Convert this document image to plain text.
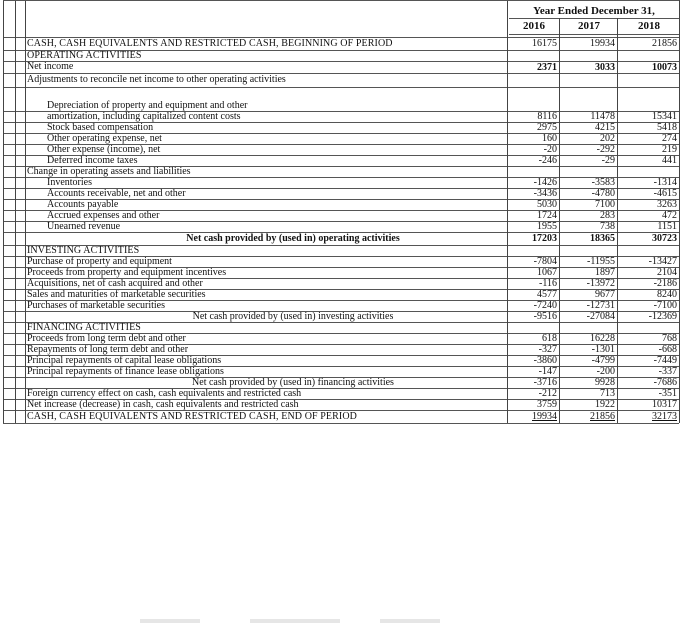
Year Ended December 31,
2016	2017	2018
CASH, CASH EQUIVALENTS AND RESTRICTED CASH, BEGINNING OF PERIOD	16175	19934	21856
OPERATING ACTIVITIES
Net income	2371	3033	10073
Adjustments to reconcile net income to other operating activities
Depreciation of property and equipment and other
amortization, including capitalized content costs	8116	11478	15341
Stock based compensation	2975	4215	5418
Other operating expense, net	160	202	274
Other expense (income), net	-20	-292	219
Deferred income taxes	-246	-29	441
Change in operating assets and liabilities
Inventories	-1426	-3583	-1314
Accounts receivable, net and other	-3436	-4780	-4615
Accounts payable	5030	7100	3263
Accrued expenses and other	1724	283	472
Unearned revenue	1955	738	1151
Net cash provided by (used in) operating activities	17203	18365	30723
INVESTING ACTIVITIES
Purchase of property and equipment	-7804	-11955	-13427
Proceeds from property and equipment incentives	1067	1897	2104
Acquisitions, net of cash acquired and other	-116	-13972	-2186
Sales and maturities of marketable securities	4577	9677	8240
Purchases of marketable securities	-7240	-12731	-7100
Net cash provided by (used in) investing activities	-9516	-27084	-12369
FINANCING ACTIVITIES
Proceeds from long term debt and other	618	16228	768
Repayments of long term debt and other	-327	-1301	-668
Principal repayments of capital lease obligations	-3860	-4799	-7449
Principal repayments of finance lease obligations	-147	-200	-337
Net cash provided by (used in) financing activities	-3716	9928	-7686
Foreign currency effect on cash, cash equivalents and restricted cash	-212	713	-351
Net increase (decrease) in cash, cash equivalents and restricted cash	3759	1922	10317
CASH, CASH EQUIVALENTS AND RESTRICTED CASH, END OF PERIOD	19934	21856	32173
